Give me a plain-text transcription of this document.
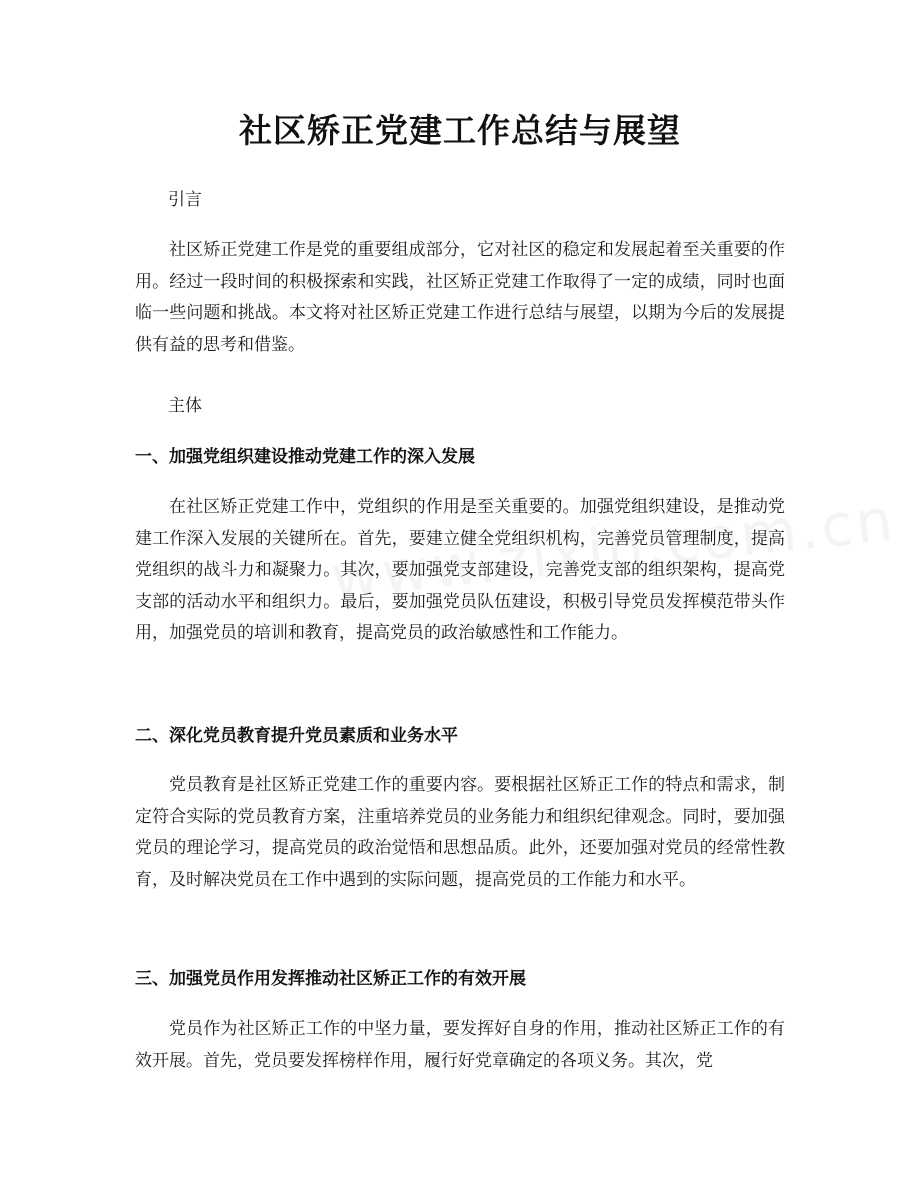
社区矫正党建工作总结与展望

引言

社区矫正党建工作是党的重要组成部分，它对社区的稳定和发展起着至关重要的作用。经过一段时间的积极探索和实践，社区矫正党建工作取得了一定的成绩，同时也面临一些问题和挑战。本文将对社区矫正党建工作进行总结与展望，以期为今后的发展提供有益的思考和借鉴。

主体

一、加强党组织建设推动党建工作的深入发展

在社区矫正党建工作中，党组织的作用是至关重要的。加强党组织建设，是推动党建工作深入发展的关键所在。首先，要建立健全党组织机构，完善党员管理制度，提高党组织的战斗力和凝聚力。其次，要加强党支部建设，完善党支部的组织架构，提高党支部的活动水平和组织力。最后，要加强党员队伍建设，积极引导党员发挥模范带头作用，加强党员的培训和教育，提高党员的政治敏感性和工作能力。

二、深化党员教育提升党员素质和业务水平

党员教育是社区矫正党建工作的重要内容。要根据社区矫正工作的特点和需求，制定符合实际的党员教育方案，注重培养党员的业务能力和组织纪律观念。同时，要加强党员的理论学习，提高党员的政治觉悟和思想品质。此外，还要加强对党员的经常性教育，及时解决党员在工作中遇到的实际问题，提高党员的工作能力和水平。

三、加强党员作用发挥推动社区矫正工作的有效开展

党员作为社区矫正工作的中坚力量，要发挥好自身的作用，推动社区矫正工作的有效开展。首先，党员要发挥榜样作用，履行好党章确定的各项义务。其次，党
